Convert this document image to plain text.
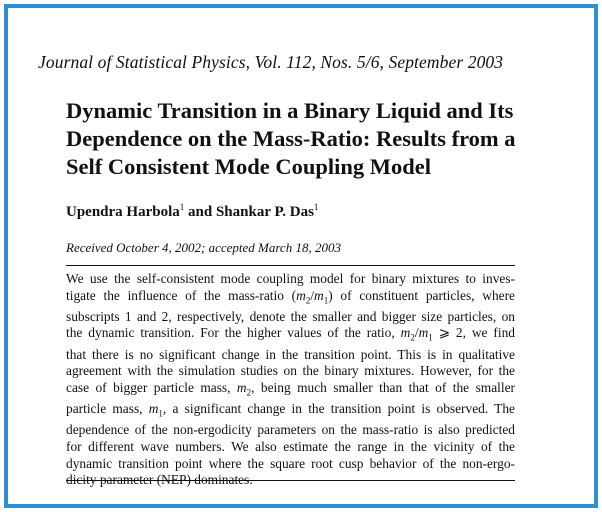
Journal of Statistical Physics, Vol. 112, Nos. 5/6, September 2003
Dynamic Transition in a Binary Liquid and Its Dependence on the Mass-Ratio: Results from a Self Consistent Mode Coupling Model
Upendra Harbola$^1$ and Shankar P. Das$^1$
Received October 4, 2002; accepted March 18, 2003
We use the self-consistent mode coupling model for binary mixtures to inves-
tigate the influence of the mass-ratio $(m_2/m_1)$ of constituent particles, where
subscripts 1 and 2, respectively, denote the smaller and bigger size particles, on
the dynamic transition. For the higher values of the ratio, $m_2/m_1$ ⩾ 2, we find
that there is no significant change in the transition point. This is in qualitative
agreement with the simulation studies on the binary mixtures. However, for the
case of bigger particle mass, $m_2$, being much smaller than that of the smaller
particle mass, $m_1$, a significant change in the transition point is observed. The
dependence of the non-ergodicity parameters on the mass-ratio is also predicted
for different wave numbers. We also estimate the range in the vicinity of the
dynamic transition point where the square root cusp behavior of the non-ergo-
dicity parameter (NEP) dominates.
